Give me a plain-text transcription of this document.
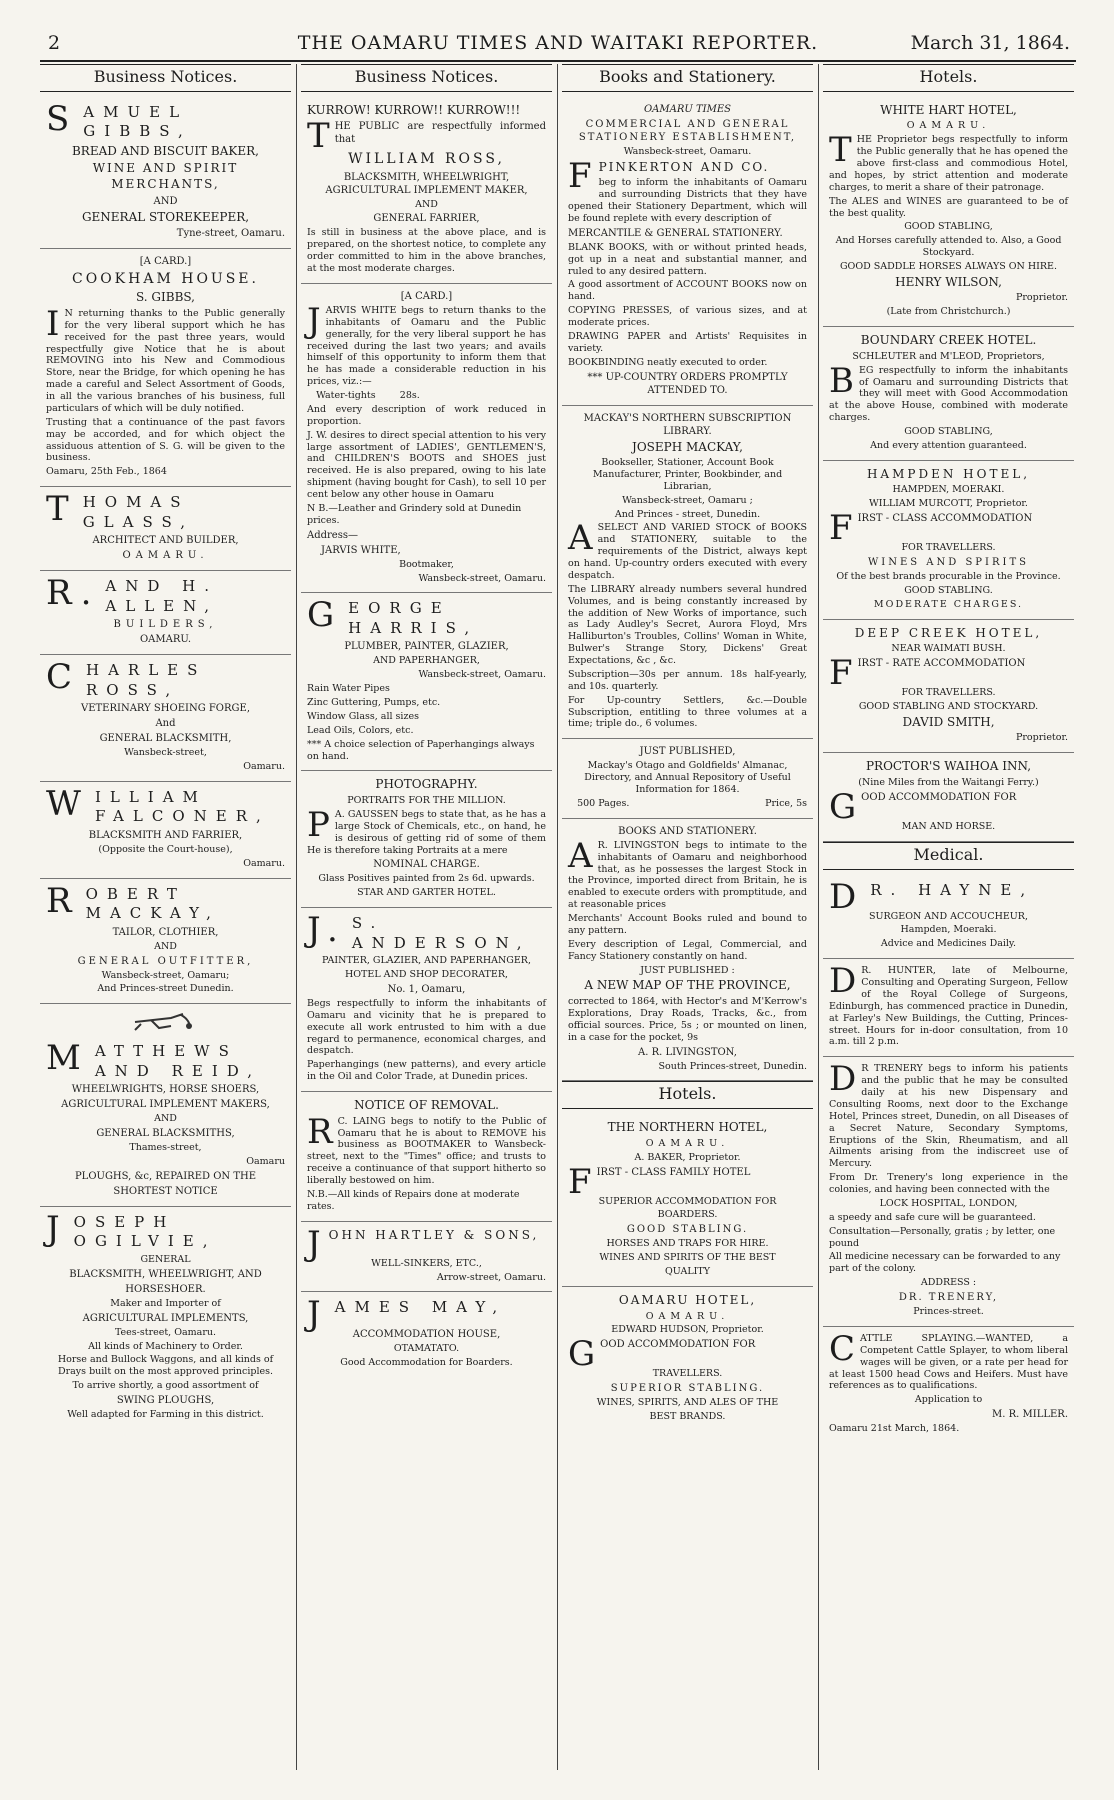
2	THE OAMARU TIMES AND WAITAKI REPORTER.	March 31, 1864.
Business Notices.

SAMUEL GIBBS,

BREAD AND BISCUIT BAKER,

WINE AND SPIRIT MERCHANTS,

AND

GENERAL STOREKEEPER,

Tyne-street, Oamaru.

[A CARD.]

COOKHAM HOUSE.

S. GIBBS,

I N returning thanks to the Public generally for the very liberal support which he has received for the past three years, would respectfully give Notice that he is about REMOVING into his New and Commodious Store, near the Bridge, for which opening he has made a careful and Select Assortment of Goods, in all the various branches of his business, full particulars of which will be duly notified.

Trusting that a continuance of the past favors may be accorded, and for which object the assiduous attention of S. G. will be given to the business.

Oamaru, 25th Feb., 1864

THOMAS GLASS,

ARCHITECT AND BUILDER,

OAMARU.

R. AND H. ALLEN,

BUILDERS,

OAMARU.

CHARLES ROSS,

VETERINARY SHOEING FORGE,

And

GENERAL BLACKSMITH,

Wansbeck-street,

Oamaru.

WILLIAM FALCONER,

BLACKSMITH AND FARRIER,

(Opposite the Court-house),

Oamaru.

ROBERT MACKAY,

TAILOR, CLOTHIER,

AND

GENERAL OUTFITTER,

Wansbeck-street, Oamaru;

And Princes-street Dunedin.

MATTHEWS AND REID,

WHEELWRIGHTS, HORSE SHOERS,

AGRICULTURAL IMPLEMENT MAKERS,

AND

GENERAL BLACKSMITHS,

Thames-street,

Oamaru

PLOUGHS, &c, REPAIRED ON THE

SHORTEST NOTICE

JOSEPH OGILVIE,

GENERAL

BLACKSMITH, WHEELWRIGHT, AND

HORSESHOER.

Maker and Importer of

AGRICULTURAL IMPLEMENTS,

Tees-street, Oamaru.

All kinds of Machinery to Order.

Horse and Bullock Waggons, and all kinds of Drays built on the most approved principles.

To arrive shortly, a good assortment of

SWING PLOUGHS,

Well adapted for Farming in this district.

Business Notices.

KURROW! KURROW!! KURROW!!!

THE PUBLIC are respectfully informed that

WILLIAM ROSS,

BLACKSMITH, WHEELWRIGHT, AGRICULTURAL IMPLEMENT MAKER,

AND

GENERAL FARRIER,

Is still in business at the above place, and is prepared, on the shortest notice, to complete any order committed to him in the above branches, at the most moderate charges.

[A CARD.]

JARVIS WHITE begs to return thanks to the inhabitants of Oamaru and the Public generally, for the very liberal support he has received during the last two years; and avails himself of this opportunity to inform them that he has made a considerable reduction in his prices, viz.:—

Water-tights	28s.

And every description of work reduced in proportion.

J. W. desires to direct special attention to his very large assortment of LADIES', GENTLEMEN'S, and CHILDREN'S BOOTS and SHOES just received. He is also prepared, owing to his late shipment (having bought for Cash), to sell 10 per cent below any other house in Oamaru

N B.—Leather and Grindery sold at Dunedin prices.

Address—

JARVIS WHITE,

Bootmaker,

Wansbeck-street, Oamaru.

GEORGE HARRIS,

PLUMBER, PAINTER, GLAZIER,

AND PAPERHANGER,

Wansbeck-street, Oamaru.

Rain Water Pipes

Zinc Guttering, Pumps, etc.

Window Glass, all sizes

Lead Oils, Colors, etc.

*** A choice selection of Paperhangings always on hand.

PHOTOGRAPHY.

PORTRAITS FOR THE MILLION.

P A. GAUSSEN begs to state that, as he has a large Stock of Chemicals, etc., on hand, he is desirous of getting rid of some of them He is therefore taking Portraits at a mere

NOMINAL CHARGE.

Glass Positives painted from 2s 6d. upwards.

STAR AND GARTER HOTEL.

J. S. ANDERSON,

PAINTER, GLAZIER, AND PAPERHANGER,

HOTEL AND SHOP DECORATER,

No. 1, Oamaru,

Begs respectfully to inform the inhabitants of Oamaru and vicinity that he is prepared to execute all work entrusted to him with a due regard to permanence, economical charges, and despatch.

Paperhangings (new patterns), and every article in the Oil and Color Trade, at Dunedin prices.

NOTICE OF REMOVAL.

R C. LAING begs to notify to the Public of Oamaru that he is about to REMOVE his business as BOOTMAKER to Wansbeck-street, next to the "Times" office; and trusts to receive a continuance of that support hitherto so liberally bestowed on him.

N.B.—All kinds of Repairs done at moderate rates.

JOHN HARTLEY & SONS,

WELL-SINKERS, ETC.,

Arrow-street, Oamaru.

JAMES MAY,

ACCOMMODATION HOUSE,

OTAMATATO.

Good Accommodation for Boarders.

Books and Stationery.

OAMARU TIMES

COMMERCIAL AND GENERAL STATIONERY ESTABLISHMENT,

Wansbeck-street, Oamaru.

FPINKERTON AND CO.

beg to inform the inhabitants of Oamaru and surrounding Districts that they have opened their Stationery Department, which will be found replete with every description of

MERCANTILE & GENERAL STATIONERY.

BLANK BOOKS, with or without printed heads, got up in a neat and substantial manner, and ruled to any desired pattern.

A good assortment of ACCOUNT BOOKS now on hand.

COPYING PRESSES, of various sizes, and at moderate prices.

DRAWING PAPER and Artists' Requisites in variety.

BOOKBINDING neatly executed to order.

*** UP-COUNTRY ORDERS PROMPTLY ATTENDED TO.

MACKAY'S NORTHERN SUBSCRIPTION LIBRARY.

JOSEPH MACKAY,

Bookseller, Stationer, Account Book Manufacturer, Printer, Bookbinder, and Librarian,

Wansbeck-street, Oamaru ;

And Princes - street, Dunedin.

ASELECT AND VARIED STOCK of BOOKS and STATIONERY, suitable to the requirements of the District, always kept on hand. Up-country orders executed with every despatch.

The LIBRARY already numbers several hundred Volumes, and is being constantly increased by the addition of New Works of importance, such as Lady Audley's Secret, Aurora Floyd, Mrs Halliburton's Troubles, Collins' Woman in White, Bulwer's Strange Story, Dickens' Great Expectations, &c , &c.

Subscription—30s per annum. 18s half-yearly, and 10s. quarterly.

For Up-country Settlers, &c.—Double Subscription, entitling to three volumes at a time; triple do., 6 volumes.

JUST PUBLISHED,

Mackay's Otago and Goldfields' Almanac, Directory, and Annual Repository of Useful Information for 1864.

500 Pages.	Price, 5s

BOOKS AND STATIONERY.

A R. LIVINGSTON begs to intimate to the inhabitants of Oamaru and neighborhood that, as he possesses the largest Stock in the Province, imported direct from Britain, he is enabled to execute orders with promptitude, and at reasonable prices

Merchants' Account Books ruled and bound to any pattern.

Every description of Legal, Commercial, and Fancy Stationery constantly on hand.

JUST PUBLISHED :

A NEW MAP OF THE PROVINCE,

corrected to 1864, with Hector's and M'Kerrow's Explorations, Dray Roads, Tracks, &c., from official sources. Price, 5s ; or mounted on linen, in a case for the pocket, 9s

A. R. LIVINGSTON,

South Princes-street, Dunedin.

Hotels.

THE NORTHERN HOTEL,

OAMARU.

A. BAKER, Proprietor.

FIRST - CLASS FAMILY HOTEL

SUPERIOR ACCOMMODATION FOR

BOARDERS.

GOOD STABLING.

HORSES AND TRAPS FOR HIRE.

WINES AND SPIRITS OF THE BEST

QUALITY

OAMARU HOTEL,

OAMARU.

EDWARD HUDSON, Proprietor.

GOOD ACCOMMODATION FOR

TRAVELLERS.

SUPERIOR STABLING.

WINES, SPIRITS, AND ALES OF THE

BEST BRANDS.

Hotels.

WHITE HART HOTEL,

OAMARU.

THE Proprietor begs respectfully to inform the Public generally that he has opened the above first-class and commodious Hotel, and hopes, by strict attention and moderate charges, to merit a share of their patronage.

The ALES and WINES are guaranteed to be of the best quality.

GOOD STABLING,

And Horses carefully attended to. Also, a Good Stockyard.

GOOD SADDLE HORSES ALWAYS ON HIRE.

HENRY WILSON,

Proprietor.

(Late from Christchurch.)

BOUNDARY CREEK HOTEL.

SCHLEUTER and M'LEOD, Proprietors,

BEG respectfully to inform the inhabitants of Oamaru and surrounding Districts that they will meet with Good Accommodation at the above House, combined with moderate charges.

GOOD STABLING,

And every attention guaranteed.

HAMPDEN HOTEL,

HAMPDEN, MOERAKI.

WILLIAM MURCOTT, Proprietor.

FIRST - CLASS ACCOMMODATION

FOR TRAVELLERS.

WINES AND SPIRITS

Of the best brands procurable in the Province.

GOOD STABLING.

MODERATE CHARGES.

DEEP CREEK HOTEL,

NEAR WAIMATI BUSH.

FIRST - RATE ACCOMMODATION

FOR TRAVELLERS.

GOOD STABLING AND STOCKYARD.

DAVID SMITH,

Proprietor.

PROCTOR'S WAIHOA INN,

(Nine Miles from the Waitangi Ferry.)

GOOD ACCOMMODATION FOR

MAN AND HORSE.

Medical.

D R. HAYNE,

SURGEON AND ACCOUCHEUR,

Hampden, Moeraki.

Advice and Medicines Daily.

D R. HUNTER, late of Melbourne, Consulting and Operating Surgeon, Fellow of the Royal College of Surgeons, Edinburgh, has commenced practice in Dunedin, at Farley's New Buildings, the Cutting, Princes-street. Hours for in-door consultation, from 10 a.m. till 2 p.m.

D R TRENERY begs to inform his patients and the public that he may be consulted daily at his new Dispensary and Consulting Rooms, next door to the Exchange Hotel, Princes street, Dunedin, on all Diseases of a Secret Nature, Secondary Symptoms, Eruptions of the Skin, Rheumatism, and all Ailments arising from the indiscreet use of Mercury.

From Dr. Trenery's long experience in the colonies, and having been connected with the

LOCK HOSPITAL, LONDON,

a speedy and safe cure will be guaranteed.

Consultation—Personally, gratis ; by letter, one pound

All medicine necessary can be forwarded to any part of the colony.

ADDRESS :

DR. TRENERY,

Princes-street.

CATTLE SPLAYING.—WANTED, a Competent Cattle Splayer, to whom liberal wages will be given, or a rate per head for at least 1500 head Cows and Heifers. Must have references as to qualifications.

Application to

M. R. MILLER.

Oamaru 21st March, 1864.
